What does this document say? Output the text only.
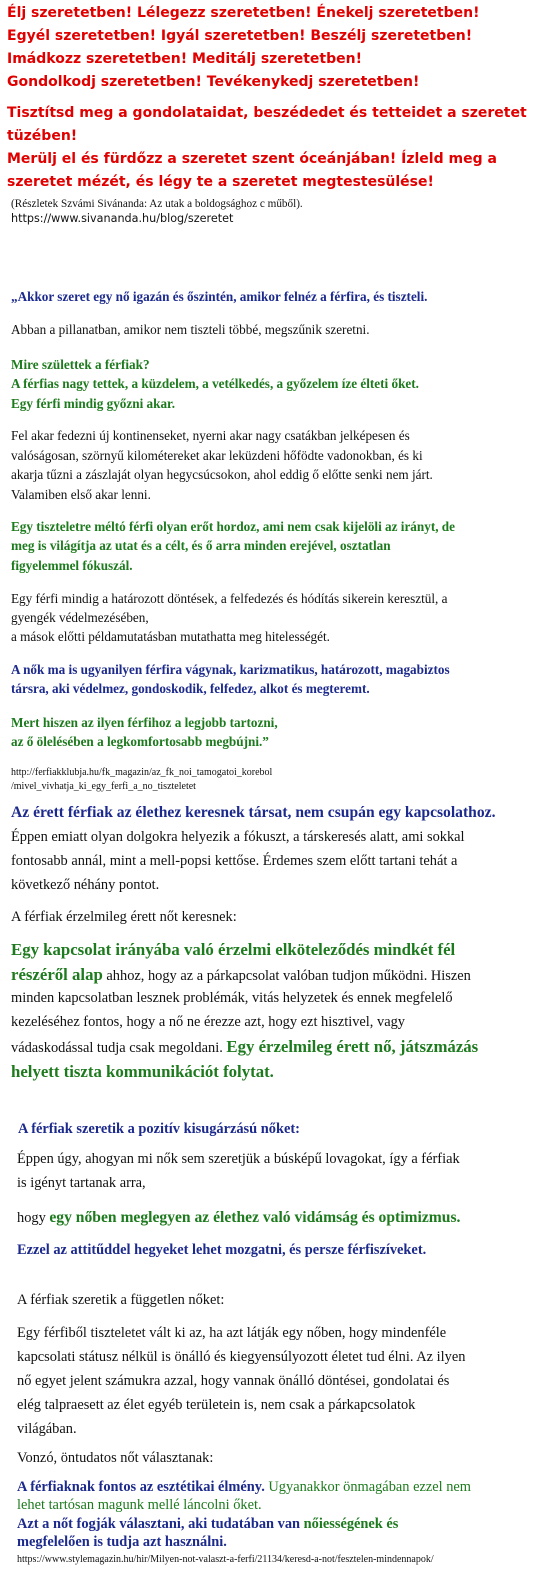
Élj szeretetben! Lélegezz szeretetben! Énekelj szeretetben!

Egyél szeretetben! Igyál szeretetben! Beszélj szeretetben!

Imádkozz szeretetben! Meditálj szeretetben!

Gondolkodj szeretetben! Tevékenykedj szeretetben!

Tisztítsd meg a gondolataidat, beszédedet és tetteidet a szeretet

tüzében!

Merülj el és fürdőzz a szeretet szent óceánjában! Ízleld meg a

szeretet mézét, és légy te a szeretet megtestesülése!

(Részletek Szvámi Sivánanda: Az utak a boldogsághoz c műből).

https://www.sivananda.hu/blog/szeretet

„Akkor szeret egy nő igazán és őszintén, amikor felnéz a férfira, és tiszteli.

Abban a pillanatban, amikor nem tiszteli többé, megszűnik szeretni.

Mire születtek a férfiak?

A férfias nagy tettek, a küzdelem, a vetélkedés, a győzelem íze élteti őket.

Egy férfi mindig győzni akar.

Fel akar fedezni új kontinenseket, nyerni akar nagy csatákban jelképesen és

valóságosan, szörnyű kilométereket akar leküzdeni hőfödte vadonokban, és ki

akarja tűzni a zászlaját olyan hegycsúcsokon, ahol eddig ő előtte senki nem járt.

Valamiben első akar lenni.

Egy tiszteletre méltó férfi olyan erőt hordoz, ami nem csak kijelöli az irányt, de

meg is világítja az utat és a célt, és ő arra minden erejével, osztatlan

figyelemmel fókuszál.

Egy férfi mindig a határozott döntések, a felfedezés és hódítás sikerein keresztül, a

gyengék védelmezésében,

a mások előtti példamutatásban mutathatta meg hitelességét.

A nők ma is ugyanilyen férfira vágynak, karizmatikus, határozott, magabiztos

társra, aki védelmez, gondoskodik, felfedez, alkot és megteremt.

Mert hiszen az ilyen férfihoz a legjobb tartozni,

az ő ölelésében a legkomfortosabb megbújni.”

http://ferfiakklubja.hu/fk_magazin/az_fk_noi_tamogatoi_korebol
/mivel_vivhatja_ki_egy_ferfi_a_no_tiszteletet

Az érett férfiak az élethez keresnek társat, nem csupán egy kapcsolathoz.

Éppen emiatt olyan dolgokra helyezik a fókuszt, a társkeresés alatt, ami sokkal

fontosabb annál, mint a mell-popsi kettőse. Érdemes szem előtt tartani tehát a

következő néhány pontot.

A férfiak érzelmileg érett nőt keresnek:

Egy kapcsolat irányába való érzelmi elköteleződés mindkét fél

részéről alap ahhoz, hogy az a párkapcsolat valóban tudjon működni. Hiszen

minden kapcsolatban lesznek problémák, vitás helyzetek és ennek megfelelő

kezeléséhez fontos, hogy a nő ne érezze azt, hogy ezt hisztivel, vagy

vádaskodással tudja csak megoldani. Egy érzelmileg érett nő, játszmázás

helyett tiszta kommunikációt folytat.

A férfiak szeretik a pozitív kisugárzású nőket:

Éppen úgy, ahogyan mi nők sem szeretjük a búsképű lovagokat, így a férfiak

is igényt tartanak arra,

hogy egy nőben meglegyen az élethez való vidámság és optimizmus.

Ezzel az attitűddel hegyeket lehet mozgatni, és persze férfiszíveket.

A férfiak szeretik a független nőket:

Egy férfiből tiszteletet vált ki az, ha azt látják egy nőben, hogy mindenféle

kapcsolati státusz nélkül is önálló és kiegyensúlyozott életet tud élni. Az ilyen

nő egyet jelent számukra azzal, hogy vannak önálló döntései, gondolatai és

elég talpraesett az élet egyéb területein is, nem csak a párkapcsolatok

világában.

Vonzó, öntudatos nőt választanak:

A férfiaknak fontos az esztétikai élmény. Ugyanakkor önmagában ezzel nem

lehet tartósan magunk mellé láncolni őket.

Azt a nőt fogják választani, aki tudatában van nőiességének és

megfelelően is tudja azt használni.

https://www.stylemagazin.hu/hir/Milyen-not-valaszt-a-ferfi/21134/keresd-a-not/fesztelen-mindennapok/
